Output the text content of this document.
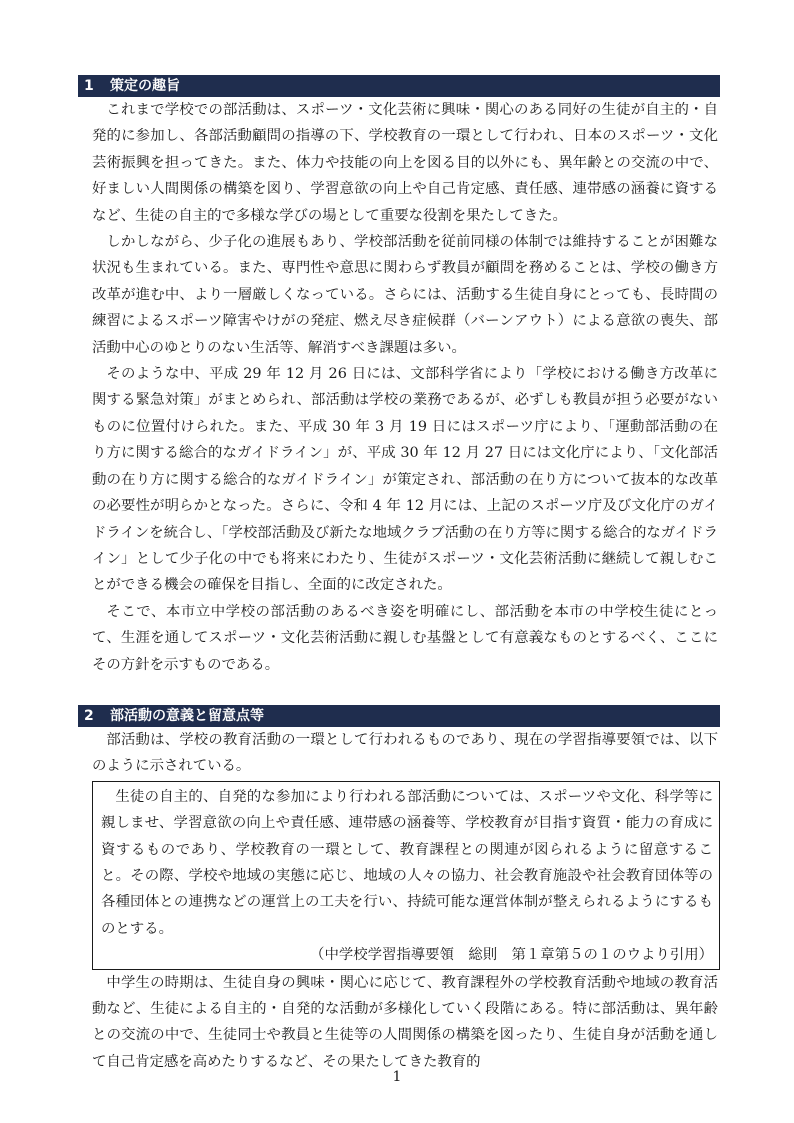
1 策定の趣旨

これまで学校での部活動は、スポーツ・文化芸術に興味・関心のある同好の生徒が自主的・自発的に参加し、各部活動顧問の指導の下、学校教育の一環として行われ、日本のスポーツ・文化芸術振興を担ってきた。また、体力や技能の向上を図る目的以外にも、異年齢との交流の中で、好ましい人間関係の構築を図り、学習意欲の向上や自己肯定感、責任感、連帯感の涵養に資するなど、生徒の自主的で多様な学びの場として重要な役割を果たしてきた。

しかしながら、少子化の進展もあり、学校部活動を従前同様の体制では維持することが困難な状況も生まれている。また、専門性や意思に関わらず教員が顧問を務めることは、学校の働き方改革が進む中、より一層厳しくなっている。さらには、活動する生徒自身にとっても、長時間の練習によるスポーツ障害やけがの発症、燃え尽き症候群（バーンアウト）による意欲の喪失、部活動中心のゆとりのない生活等、解消すべき課題は多い。

そのような中、平成 29 年 12 月 26 日には、文部科学省により「学校における働き方改革に関する緊急対策」がまとめられ、部活動は学校の業務であるが、必ずしも教員が担う必要がないものに位置付けられた。また、平成 30 年 3 月 19 日にはスポーツ庁により、「運動部活動の在り方に関する総合的なガイドライン」が、平成 30 年 12 月 27 日には文化庁により、「文化部活動の在り方に関する総合的なガイドライン」が策定され、部活動の在り方について抜本的な改革の必要性が明らかとなった。さらに、令和 4 年 12 月には、上記のスポーツ庁及び文化庁のガイドラインを統合し、「学校部活動及び新たな地域クラブ活動の在り方等に関する総合的なガイドライン」として少子化の中でも将来にわたり、生徒がスポーツ・文化芸術活動に継続して親しむことができる機会の確保を目指し、全面的に改定された。

そこで、本市立中学校の部活動のあるべき姿を明確にし、部活動を本市の中学校生徒にとって、生涯を通してスポーツ・文化芸術活動に親しむ基盤として有意義なものとするべく、ここにその方針を示すものである。

2 部活動の意義と留意点等

部活動は、学校の教育活動の一環として行われるものであり、現在の学習指導要領では、以下のように示されている。

生徒の自主的、自発的な参加により行われる部活動については、スポーツや文化、科学等に親しませ、学習意欲の向上や責任感、連帯感の涵養等、学校教育が目指す資質・能力の育成に資するものであり、学校教育の一環として、教育課程との関連が図られるように留意すること。その際、学校や地域の実態に応じ、地域の人々の協力、社会教育施設や社会教育団体等の各種団体との連携などの運営上の工夫を行い、持続可能な運営体制が整えられるようにするものとする。

（中学校学習指導要領　総則　第１章第５の１のウより引用）

中学生の時期は、生徒自身の興味・関心に応じて、教育課程外の学校教育活動や地域の教育活動など、生徒による自主的・自発的な活動が多様化していく段階にある。特に部活動は、異年齢との交流の中で、生徒同士や教員と生徒等の人間関係の構築を図ったり、生徒自身が活動を通して自己肯定感を高めたりするなど、その果たしてきた教育的

1
